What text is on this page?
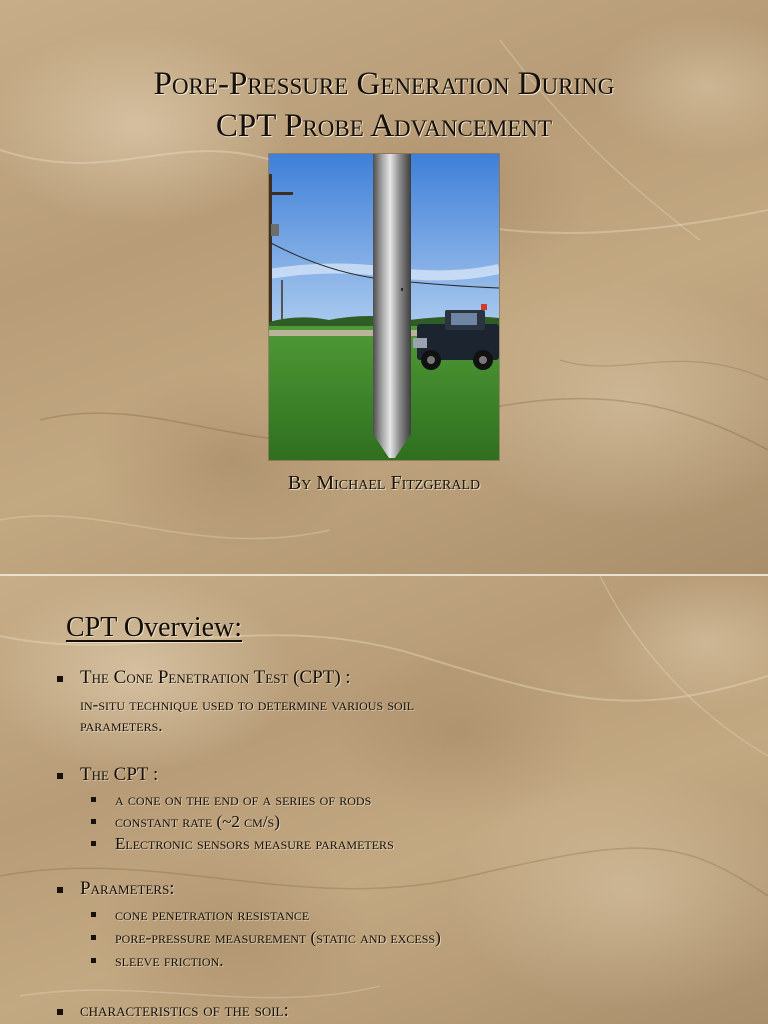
Pore-Pressure Generation During
CPT Probe Advancement
By Michael Fitzgerald
CPT Overview:
The Cone Penetration Test (CPT) :
in-situ technique used to determine various soil
parameters.
The CPT :
a cone on the end of a series of rods
constant rate (~2 cm/s)
Electronic sensors measure parameters
Parameters:
cone penetration resistance
pore-pressure measurement (static and excess)
sleeve friction.
characteristics of the soil:
